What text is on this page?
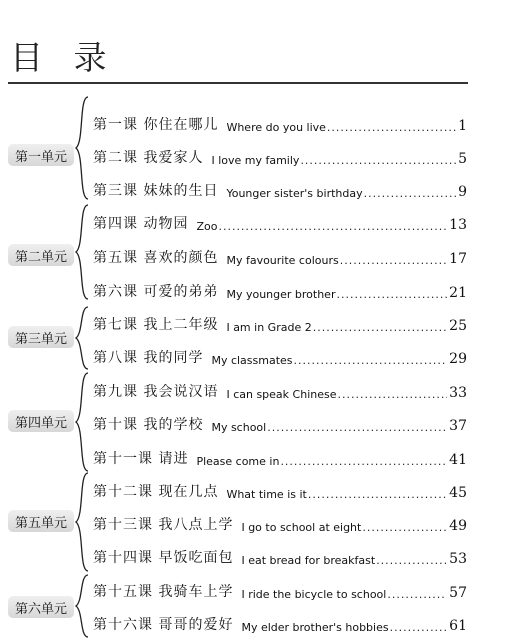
目 录
第一单元
第一课 你住在哪儿 Where do you live .....	1
第二课 我爱家人 I love my family .....	5
第三课 妹妹的生日 Younger sister's birthday .....	9
第二单元
第四课 动物园 Zoo .....	13
第五课 喜欢的颜色 My favourite colours .....	17
第六课 可爱的弟弟 My younger brother .....	21
第三单元
第七课 我上二年级 I am in Grade 2 .....	25
第八课 我的同学 My classmates .....	29
第四单元
第九课 我会说汉语 I can speak Chinese .....	33
第十课 我的学校 My school .....	37
第十一课 请进 Please come in .....	41
第五单元
第十二课 现在几点 What time is it .....	45
第十三课 我八点上学 I go to school at eight .....	49
第十四课 早饭吃面包 I eat bread for breakfast .....	53
第六单元
第十五课 我骑车上学 I ride the bicycle to school .....	57
第十六课 哥哥的爱好 My elder brother's hobbies .....	61
